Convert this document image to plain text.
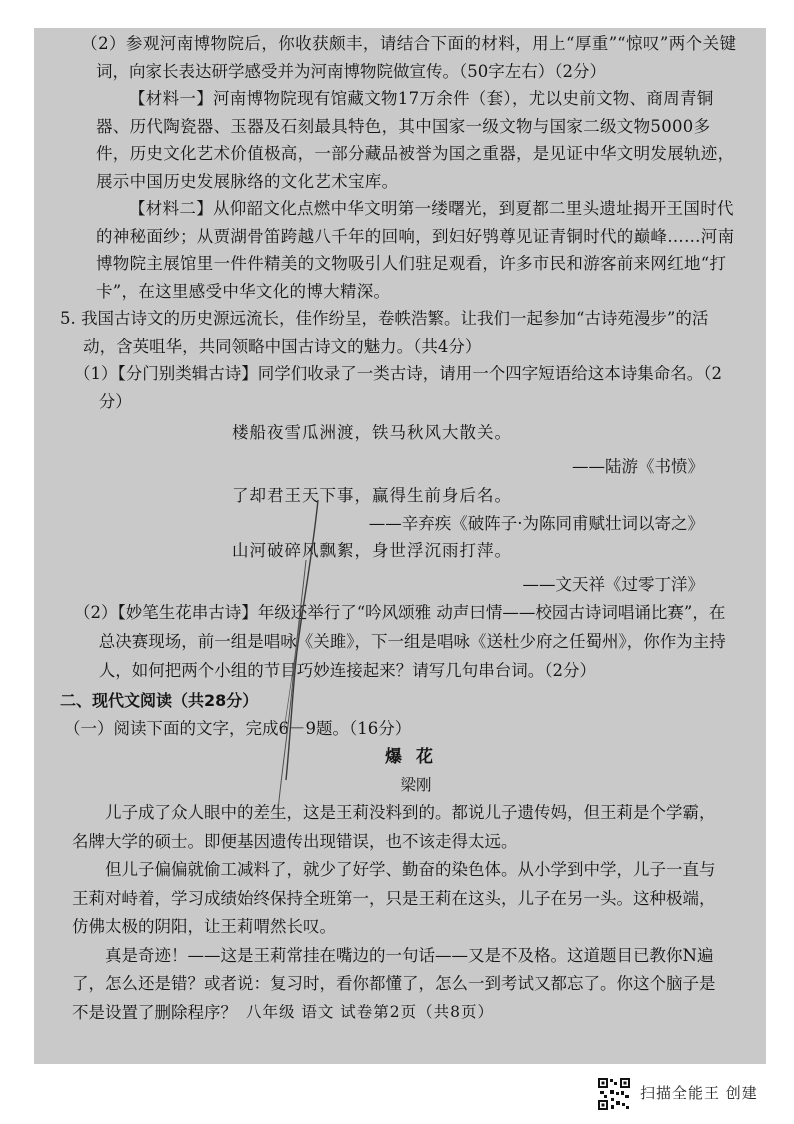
（2）参观河南博物院后，你收获颇丰，请结合下面的材料，用上“厚重”“惊叹”两个关键词，向家长表达研学感受并为河南博物院做宣传。（50字左右）（2分）

【材料一】河南博物院现有馆藏文物17万余件（套），尤以史前文物、商周青铜器、历代陶瓷器、玉器及石刻最具特色，其中国家一级文物与国家二级文物5000多件，历史文化艺术价值极高，一部分藏品被誉为国之重器，是见证中华文明发展轨迹，展示中国历史发展脉络的文化艺术宝库。

【材料二】从仰韶文化点燃中华文明第一缕曙光，到夏都二里头遗址揭开王国时代的神秘面纱；从贾湖骨笛跨越八千年的回响，到妇好鸮尊见证青铜时代的巅峰……河南博物院主展馆里一件件精美的文物吸引人们驻足观看，许多市民和游客前来网红地“打卡”，在这里感受中华文化的博大精深。

5. 我国古诗文的历史源远流长，佳作纷呈，卷帙浩繁。让我们一起参加“古诗苑漫步”的活动，含英咀华，共同领略中国古诗文的魅力。（共4分）

（1）【分门别类辑古诗】同学们收录了一类古诗，请用一个四字短语给这本诗集命名。（2分）

楼船夜雪瓜洲渡，铁马秋风大散关。

——陆游《书愤》

了却君王天下事，赢得生前身后名。

——辛弃疾《破阵子·为陈同甫赋壮词以寄之》

山河破碎风飘絮，身世浮沉雨打萍。

——文天祥《过零丁洋》

（2）【妙笔生花串古诗】年级还举行了“吟风颂雅 动声曰情——校园古诗词唱诵比赛”，在总决赛现场，前一组是唱咏《关雎》，下一组是唱咏《送杜少府之任蜀州》，你作为主持人，如何把两个小组的节目巧妙连接起来？请写几句串台词。（2分）

二、现代文阅读（共28分）

（一）阅读下面的文字，完成6－9题。（16分）

爆花

梁刚

儿子成了众人眼中的差生，这是王莉没料到的。都说儿子遗传妈，但王莉是个学霸，名牌大学的硕士。即便基因遗传出现错误，也不该走得太远。

但儿子偏偏就偷工减料了，就少了好学、勤奋的染色体。从小学到中学，儿子一直与王莉对峙着，学习成绩始终保持全班第一，只是王莉在这头，儿子在另一头。这种极端，仿佛太极的阴阳，让王莉喟然长叹。

真是奇迹！——这是王莉常挂在嘴边的一句话——又是不及格。这道题目已教你N遍了，怎么还是错？或者说：复习时，看你都懂了，怎么一到考试又都忘了。你这个脑子是不是设置了删除程序？ 八年级 语文 试卷第2页（共8页）
扫描全能王 创建
